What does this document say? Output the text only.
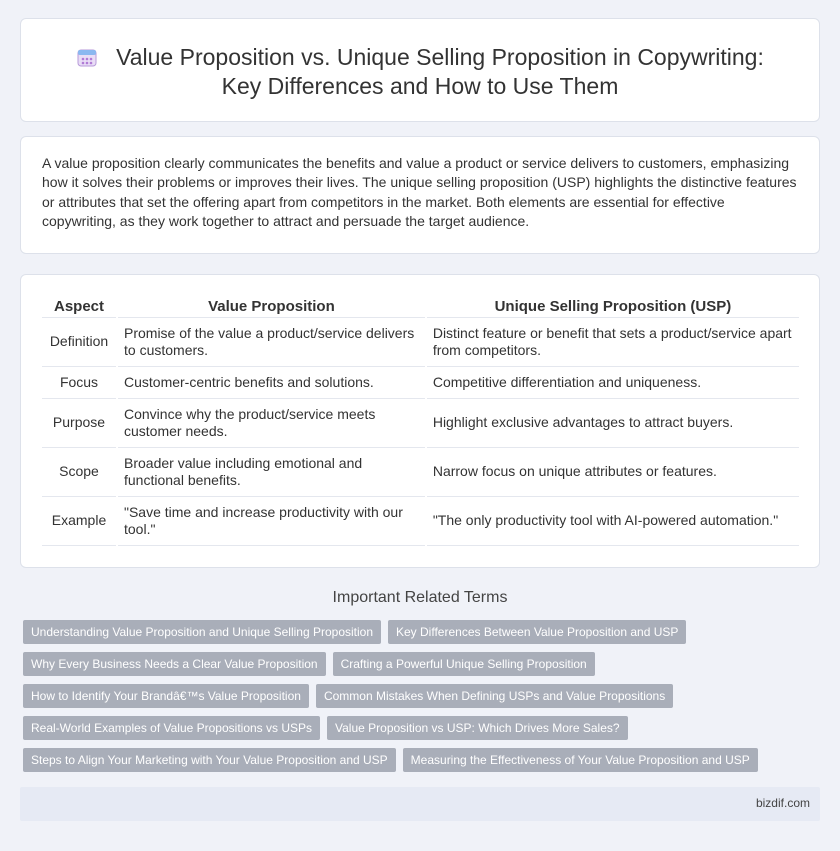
Value Proposition vs. Unique Selling Proposition in Copywriting:
Key Differences and How to Use Them

A value proposition clearly communicates the benefits and value a product or service delivers to customers, emphasizing how it solves their problems or improves their lives. The unique selling proposition (USP) highlights the distinctive features or attributes that set the offering apart from competitors in the market. Both elements are essential for effective copywriting, as they work together to attract and persuade the target audience.

Aspect	Value Proposition	Unique Selling Proposition (USP)
Definition	Promise of the value a product/service delivers to customers.	Distinct feature or benefit that sets a product/service apart from competitors.
Focus	Customer-centric benefits and solutions.	Competitive differentiation and uniqueness.
Purpose	Convince why the product/service meets customer needs.	Highlight exclusive advantages to attract buyers.
Scope	Broader value including emotional and functional benefits.	Narrow focus on unique attributes or features.
Example	"Save time and increase productivity with our tool."	"The only productivity tool with AI-powered automation."
Important Related Terms
Understanding Value Proposition and Unique Selling Proposition Key Differences Between Value Proposition and USP
Why Every Business Needs a Clear Value Proposition Crafting a Powerful Unique Selling Proposition
How to Identify Your Brandâ€™s Value Proposition Common Mistakes When Defining USPs and Value Propositions
Real-World Examples of Value Propositions vs USPs Value Proposition vs USP: Which Drives More Sales?
Steps to Align Your Marketing with Your Value Proposition and USP Measuring the Effectiveness of Your Value Proposition and USP
bizdif.com
